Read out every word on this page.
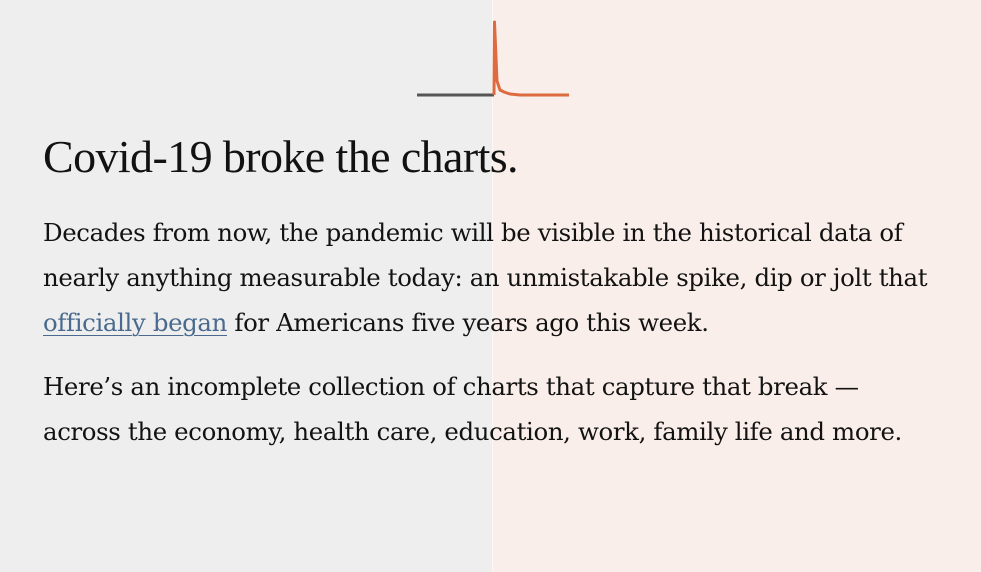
Covid-19 broke the charts.

Decades from now, the pandemic will be visible in the historical data of nearly anything measurable today: an unmistakable spike, dip or jolt that officially began for Americans five years ago this week.

Here’s an incomplete collection of charts that capture that break — across the economy, health care, education, work, family life and more.
